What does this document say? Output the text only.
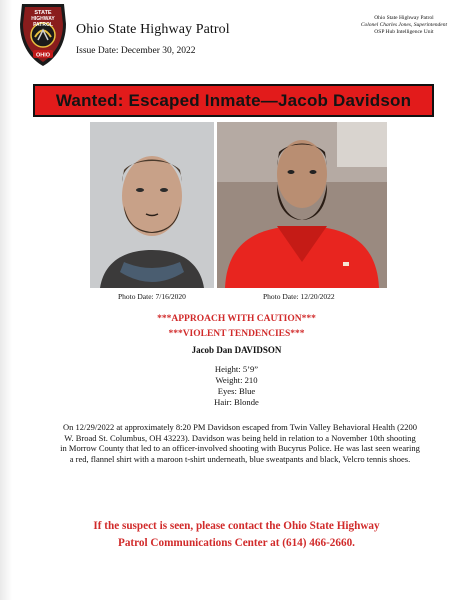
STATE
HIGHWAY
PATROL
OHIO
Ohio State Highway Patrol
Issue Date: December 30, 2022
Ohio State Highway Patrol
Colonel Charles Jones, Superintendent
OSP Hub Intelligence Unit
Wanted: Escaped Inmate—Jacob Davidson
Photo Date: 7/16/2020	Photo Date: 12/20/2022
***APPROACH WITH CAUTION***
***VIOLENT TENDENCIES***
Jacob Dan DAVIDSON
Height: 5’9”
Weight: 210
Eyes: Blue
Hair: Blonde
On 12/29/2022 at approximately 8:20 PM Davidson escaped from Twin Valley Behavioral Health (2200 W. Broad St. Columbus, OH 43223). Davidson was being held in relation to a November 10th shooting in Morrow County that led to an officer-involved shooting with Bucyrus Police. He was last seen wearing a red, flannel shirt with a maroon t-shirt underneath, blue sweatpants and black, Velcro tennis shoes.
If the suspect is seen, please contact the Ohio State Highway
Patrol Communications Center at (614) 466-2660.
